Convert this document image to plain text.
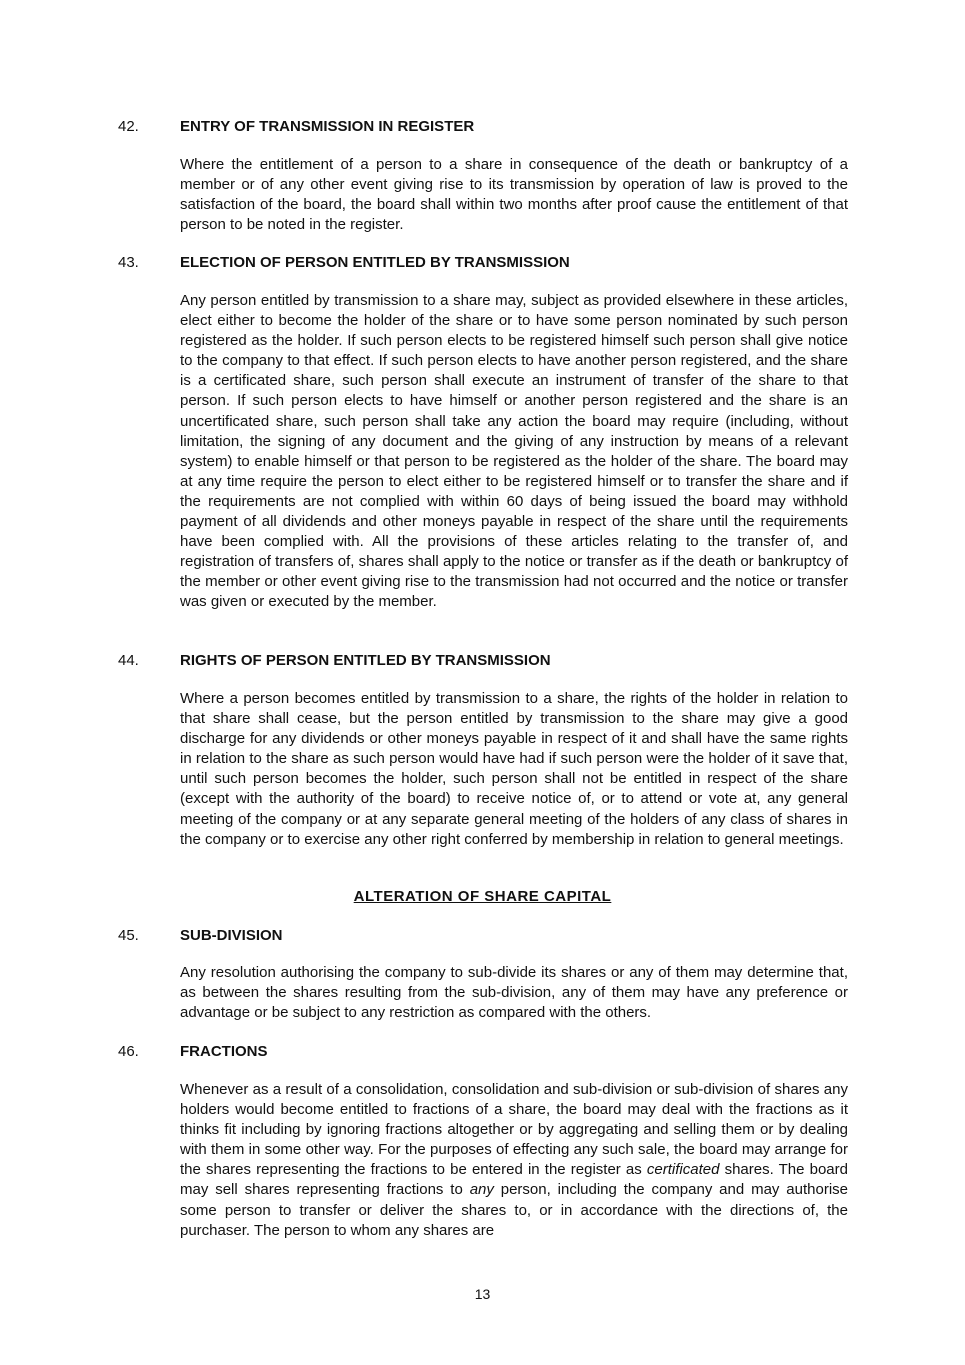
42.	ENTRY OF TRANSMISSION IN REGISTER

Where the entitlement of a person to a share in consequence of the death or bankruptcy of a member or of any other event giving rise to its transmission by operation of law is proved to the satisfaction of the board, the board shall within two months after proof cause the entitlement of that person to be noted in the register.

43.	ELECTION OF PERSON ENTITLED BY TRANSMISSION

Any person entitled by transmission to a share may, subject as provided elsewhere in these articles, elect either to become the holder of the share or to have some person nominated by such person registered as the holder. If such person elects to be registered himself such person shall give notice to the company to that effect. If such person elects to have another person registered, and the share is a certificated share, such person shall execute an instrument of transfer of the share to that person. If such person elects to have himself or another person registered and the share is an uncertificated share, such person shall take any action the board may require (including, without limitation, the signing of any document and the giving of any instruction by means of a relevant system) to enable himself or that person to be registered as the holder of the share. The board may at any time require the person to elect either to be registered himself or to transfer the share and if the requirements are not complied with within 60 days of being issued the board may withhold payment of all dividends and other moneys payable in respect of the share until the requirements have been complied with. All the provisions of these articles relating to the transfer of, and registration of transfers of, shares shall apply to the notice or transfer as if the death or bankruptcy of the member or other event giving rise to the transmission had not occurred and the notice or transfer was given or executed by the member.

44.	RIGHTS OF PERSON ENTITLED BY TRANSMISSION

Where a person becomes entitled by transmission to a share, the rights of the holder in relation to that share shall cease, but the person entitled by transmission to the share may give a good discharge for any dividends or other moneys payable in respect of it and shall have the same rights in relation to the share as such person would have had if such person were the holder of it save that, until such person becomes the holder, such person shall not be entitled in respect of the share (except with the authority of the board) to receive notice of, or to attend or vote at, any general meeting of the company or at any separate general meeting of the holders of any class of shares in the company or to exercise any other right conferred by membership in relation to general meetings.

ALTERATION OF SHARE CAPITAL
45.	SUB-DIVISION

Any resolution authorising the company to sub-divide its shares or any of them may determine that, as between the shares resulting from the sub-division, any of them may have any preference or advantage or be subject to any restriction as compared with the others.

46.	FRACTIONS

Whenever as a result of a consolidation, consolidation and sub-division or sub-division of shares any holders would become entitled to fractions of a share, the board may deal with the fractions as it thinks fit including by ignoring fractions altogether or by aggregating and selling them or by dealing with them in some other way. For the purposes of effecting any such sale, the board may arrange for the shares representing the fractions to be entered in the register as certificated shares. The board may sell shares representing fractions to any person, including the company and may authorise some person to transfer or deliver the shares to, or in accordance with the directions of, the purchaser. The person to whom any shares are

13
